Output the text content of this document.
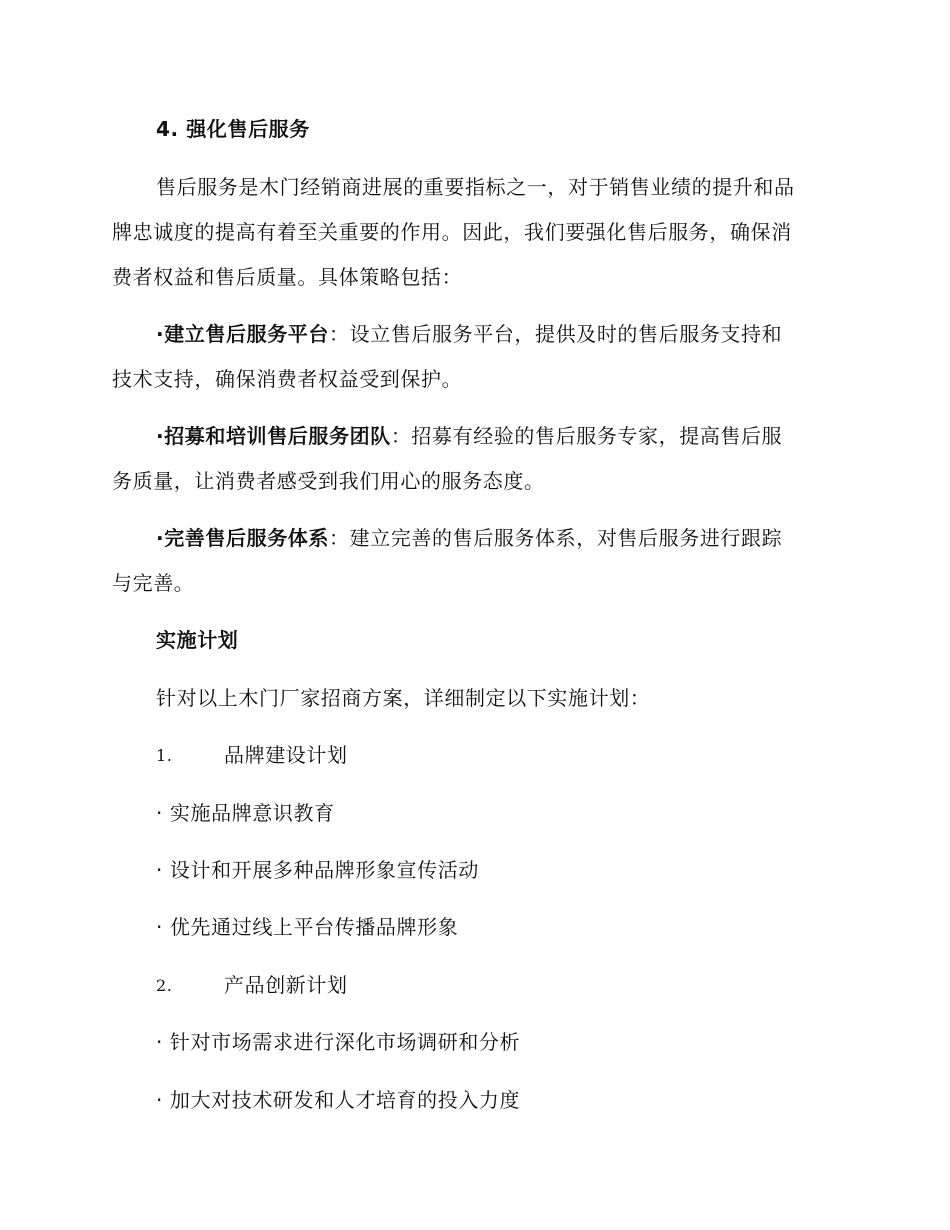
4. 强化售后服务
售后服务是木门经销商进展的重要指标之一，对于销售业绩的提升和品
牌忠诚度的提高有着至关重要的作用。因此，我们要强化售后服务，确保消
费者权益和售后质量。具体策略包括：
·建立售后服务平台：设立售后服务平台，提供及时的售后服务支持和
技术支持，确保消费者权益受到保护。
·招募和培训售后服务团队：招募有经验的售后服务专家，提高售后服
务质量，让消费者感受到我们用心的服务态度。
·完善售后服务体系：建立完善的售后服务体系，对售后服务进行跟踪
与完善。
实施计划
针对以上木门厂家招商方案，详细制定以下实施计划：
1.	品牌建设计划
· 实施品牌意识教育
· 设计和开展多种品牌形象宣传活动
· 优先通过线上平台传播品牌形象
2.	产品创新计划
· 针对市场需求进行深化市场调研和分析
· 加大对技术研发和人才培育的投入力度
